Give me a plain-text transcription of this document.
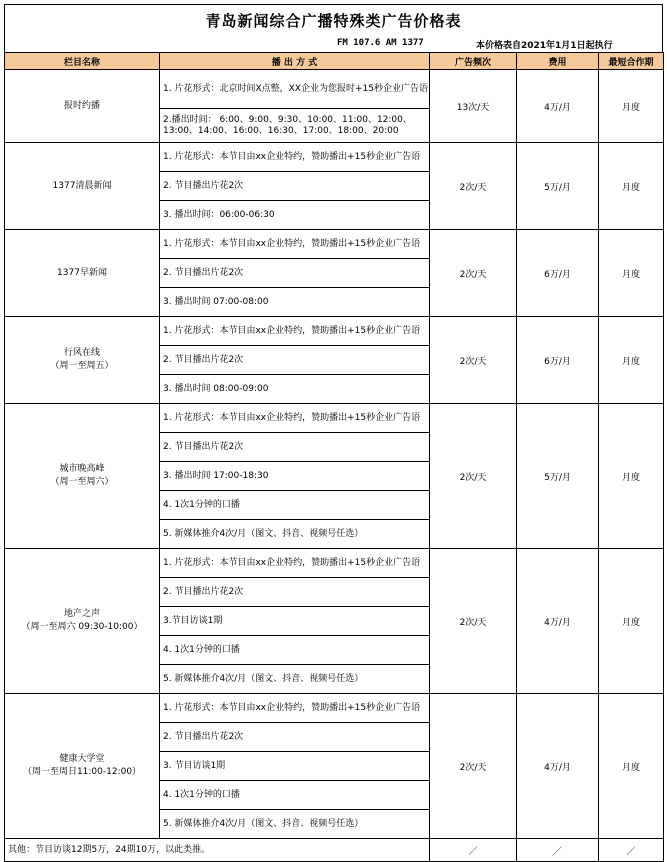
青岛新闻综合广播特殊类广告价格表
FM 107.6 AM 1377	本价格表自2021年1月1日起执行
栏目名称	播 出 方 式	广告频次	费用	最短合作期

报时约播	1. 片花形式：北京时间X点整，XX企业为您报时+15秒企业广告语	13次/天	4万/月	月度
	2.播出时间： 6:00、9:00、9:30、10:00、11:00、12:00、13:00、14:00、16:00、16:30、17:00、18:00、20:00			

1377清晨新闻	1. 片花形式：本节目由xx企业特约，赞助播出+15秒企业广告语	2次/天	5万/月	月度
	2. 节目播出片花2次			
	3. 播出时间：06:00-06:30			

1377早新闻	1. 片花形式：本节目由xx企业特约，赞助播出+15秒企业广告语	2次/天	6万/月	月度
	2. 节目播出片花2次			
	3. 播出时间 07:00-08:00			

行风在线
（周一至周五）	1. 片花形式：本节目由xx企业特约，赞助播出+15秒企业广告语	2次/天	6万/月	月度
	2. 节目播出片花2次			
	3. 播出时间 08:00-09:00			

城市晚高峰
（周一至周六）	1. 片花形式：本节目由xx企业特约，赞助播出+15秒企业广告语	2次/天	5万/月	月度
	2. 节目播出片花2次			
	3. 播出时间 17:00-18:30			
	4. 1次1分钟的口播			
	5. 新媒体推介4次/月（图文、抖音、视频号任选）			

地产之声
（周一至周六 09:30-10:00）	1. 片花形式：本节目由xx企业特约，赞助播出+15秒企业广告语	2次/天	4万/月	月度
	2. 节目播出片花2次			
	3.节目访谈1期			
	4. 1次1分钟的口播			
	5. 新媒体推介4次/月（图文、抖音、视频号任选）			

健康大学堂
（周一至周日11:00-12:00）	1. 片花形式：本节目由xx企业特约，赞助播出+15秒企业广告语	2次/天	4万/月	月度
	2. 节目播出片花2次			
	3. 节目访谈1期			
	4. 1次1分钟的口播			
	5. 新媒体推介4次/月（图文、抖音、视频号任选）			
其他：节目访谈12期5万，24期10万，以此类推。		／	／	／
